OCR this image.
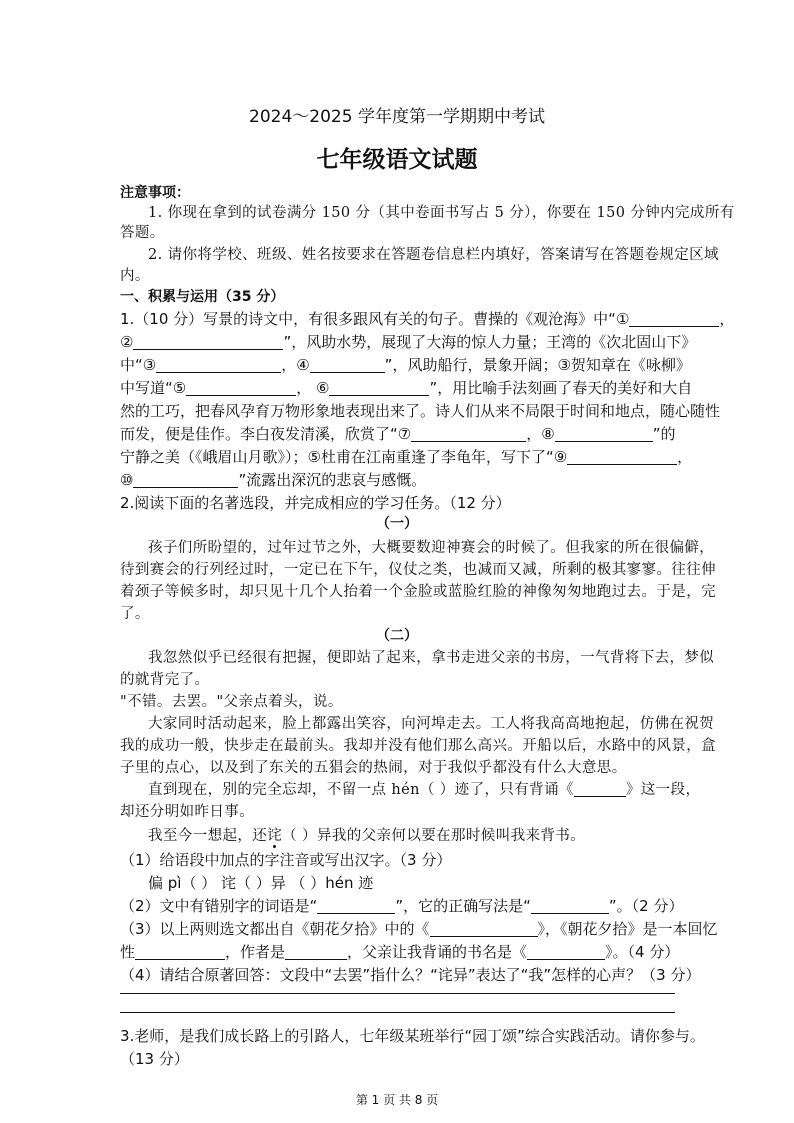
2024～2025 学年度第一学期期中考试
七年级语文试题
注意事项：
1. 你现在拿到的试卷满分 150 分（其中卷面书写占 5 分），你要在 150 分钟内完成所有
答题。
2. 请你将学校、班级、姓名按要求在答题卷信息栏内填好，答案请写在答题卷规定区域
内。
一、积累与运用（35 分）
1.（10 分）写景的诗文中，有很多跟风有关的句子。曹操的《观沧海》中“①	，
②	”，风助水势，展现了大海的惊人力量；王湾的《次北固山下》
中“③	，④	”，风助船行，景象开阔；③贺知章在《咏柳》
中写道“⑤	， ⑥	”，用比喻手法刻画了春天的美好和大自
然的工巧，把春风孕育万物形象地表现出来了。诗人们从来不局限于时间和地点，随心随性
而发，便是佳作。李白夜发清溪，欣赏了“⑦	，⑧	”的
宁静之美（《峨眉山月歌》）；⑤杜甫在江南重逢了李龟年，写下了“⑨	，
⑩	”流露出深沉的悲哀与感慨。
2.阅读下面的名著选段，并完成相应的学习任务。（12 分）
（一）
孩子们所盼望的，过年过节之外，大概要数迎神赛会的时候了。但我家的所在很偏僻，
待到赛会的行列经过时，一定已在下午，仪仗之类，也减而又减，所剩的极其寥寥。往往伸
着颈子等候多时，却只见十几个人抬着一个金脸或蓝脸红脸的神像匆匆地跑过去。于是，完
了。
（二）
我忽然似乎已经很有把握，便即站了起来，拿书走进父亲的书房，一气背将下去，梦似
的就背完了。
"不错。去罢。"父亲点着头，说。
大家同时活动起来，脸上都露出笑容，向河埠走去。工人将我高高地抱起，仿佛在祝贺
我的成功一般，快步走在最前头。我却并没有他们那么高兴。开船以后，水路中的风景，盒
子里的点心，以及到了东关的五猖会的热闹，对于我似乎都没有什么大意思。
直到现在，别的完全忘却，不留一点 hén（ ）迹了，只有背诵《	》这一段，
却还分明如昨日事。
我至今一想起，还诧（ ）异我的父亲何以要在那时候叫我来背书。
（1）给语段中加点的字注音或写出汉字。（3 分）
偏 pì（ ） 诧（ ）异 （ ）hén 迹
（2）文中有错别字的词语是“	”，它的正确写法是“	”。（2 分）
（3）以上两则选文都出自《朝花夕拾》中的《	》，《朝花夕拾》是一本回忆
性	，作者是	，父亲让我背诵的书名是《	》。（4 分）
（4）请结合原著回答：文段中“去罢”指什么？“诧异”表达了“我”怎样的心声？（3 分）
3.老师，是我们成长路上的引路人，七年级某班举行“园丁颂”综合实践活动。请你参与。
（13 分）
第 1 页 共 8 页
